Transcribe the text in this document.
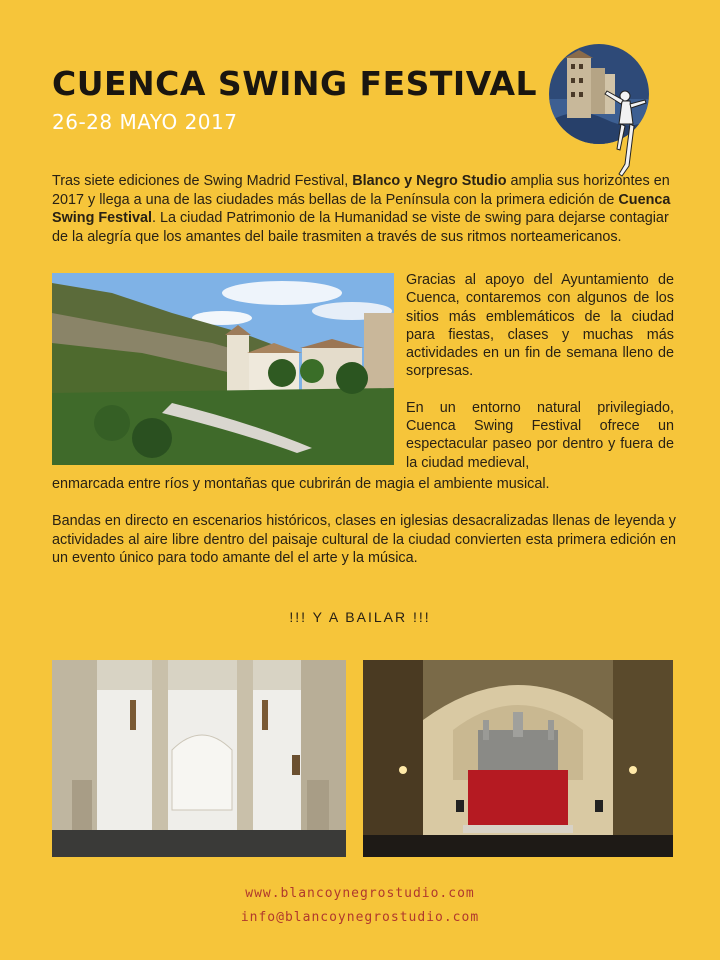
CUENCA SWING FESTIVAL
26-28 MAYO 2017

Tras siete ediciones de Swing Madrid Festival, Blanco y Negro Studio amplia sus horizontes en 2017 y llega a una de las ciudades más bellas de la Península con la primera edición de Cuenca Swing Festival. La ciudad Patrimonio de la Humanidad se viste de swing para dejarse contagiar de la alegría que los amantes del baile trasmiten a través de sus ritmos norteamericanos.

Gracias al apoyo del Ayuntamiento de Cuenca, contaremos con algunos de los sitios más emblemáticos de la ciudad para fiestas, clases y muchas más actividades en un fin de semana lleno de sorpresas.

En un entorno natural privilegiado, Cuenca Swing Festival ofrece un espectacular paseo por dentro y fuera de la ciudad medieval,

enmarcada entre ríos y montañas que cubrirán de magia el ambiente musical.

Bandas en directo en escenarios históricos, clases en iglesias desacralizadas llenas de leyenda y actividades al aire libre dentro del paisaje cultural de la ciudad convierten esta primera edición en un evento único para todo amante del el arte y la música.

!!! Y A BAILAR !!!
www.blancoynegrostudio.com
info@blancoynegrostudio.com
